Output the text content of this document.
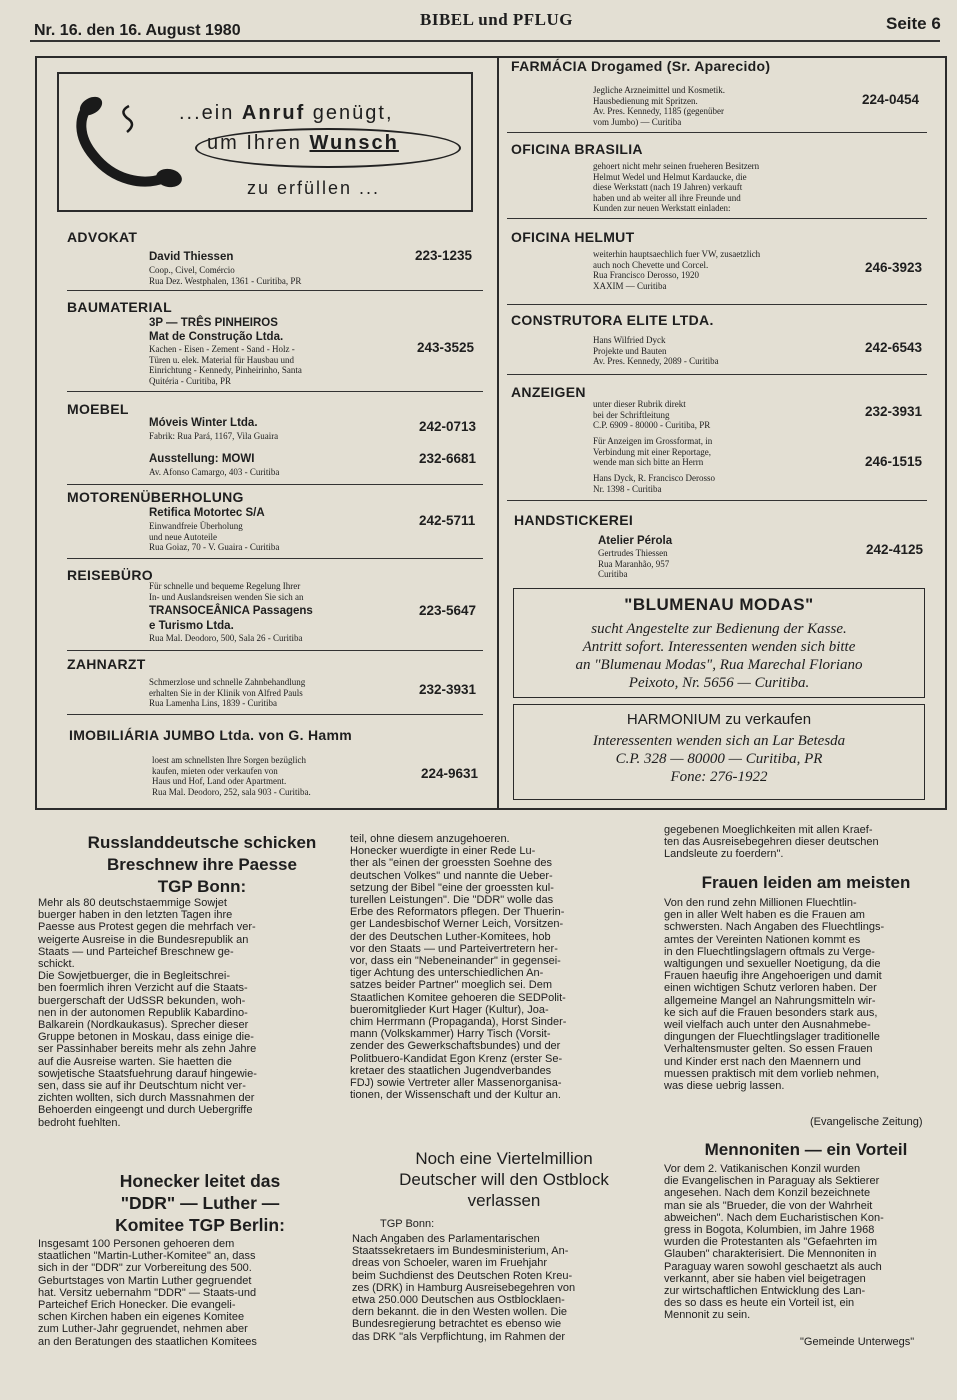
Nr. 16. den 16. August 1980
BIBEL und PFLUG	Seite 6
...ein Anruf genügt,
um Ihren Wunsch
zu erfüllen ...
ADVOKAT
David Thiessen
Coop., Civel, Comércio
Rua Dez. Westphalen, 1361 - Curitiba, PR
223-1235
BAUMATERIAL
3P — TRÊS PINHEIROS
Mat de Construção Ltda.
Kachen - Eisen - Zement - Sand - Holz -
Türen u. elek. Material für Hausbau und
Einrichtung - Kennedy, Pinheirinho, Santa
Quitéria - Curitiba, PR
243-3525
MOEBEL
Móveis Winter Ltda.
Fabrik: Rua Pará, 1167, Vila Guaira
242-0713
Ausstellung: MOWI
Av. Afonso Camargo, 403 - Curitiba
232-6681
MOTORENÜBERHOLUNG
Retifica Motortec S/A
Einwandfreie Überholung
und neue Autoteile
Rua Goiaz, 70 - V. Guaira - Curitiba
242-5711
REISEBÜRO
Für schnelle und bequeme Regelung Ihrer
In- und Auslandsreisen wenden Sie sich an
TRANSOCEÂNICA Passagens
e Turismo Ltda.
Rua Mal. Deodoro, 500, Sala 26 - Curitiba
223-5647
ZAHNARZT
Schmerzlose und schnelle Zahnbehandlung
erhalten Sie in der Klinik von Alfred Pauls
Rua Lamenha Lins, 1839 - Curitiba
232-3931
IMOBILIÁRIA JUMBO Ltda. von G. Hamm
loest am schnellsten Ihre Sorgen bezüglich
kaufen, mieten oder verkaufen von
Haus und Hof, Land oder Apartment.
Rua Mal. Deodoro, 252, sala 903 - Curitiba.
224-9631
FARMÁCIA Drogamed (Sr. Aparecido)
Jegliche Arzneimittel und Kosmetik.
Hausbedienung mit Spritzen.
Av. Pres. Kennedy, 1185 (gegenüber
vom Jumbo) — Curitiba
224-0454
OFICINA BRASILIA
gehoert nicht mehr seinen frueheren Besitzern
Helmut Wedel und Helmut Kardaucke, die
diese Werkstatt (nach 19 Jahren) verkauft
haben und ab weiter all ihre Freunde und
Kunden zur neuen Werkstatt einladen:
OFICINA HELMUT
weiterhin hauptsaechlich fuer VW, zusaetzlich
auch noch Chevette und Corcel.
Rua Francisco Derosso, 1920
XAXIM — Curitiba
246-3923
CONSTRUTORA ELITE LTDA.
Hans Wilfried Dyck
Projekte und Bauten
Av. Pres. Kennedy, 2089 - Curitiba
242-6543
ANZEIGEN
unter dieser Rubrik direkt
bei der Schriftleitung
C.P. 6909 - 80000 - Curitiba, PR
232-3931
Für Anzeigen im Grossformat, in
Verbindung mit einer Reportage,
wende man sich bitte an Herrn
Hans Dyck, R. Francisco Derosso
Nr. 1398 - Curitiba
246-1515
HANDSTICKEREI
Atelier Pérola
Gertrudes Thiessen
Rua Maranhão, 957
Curitiba
242-4125
"BLUMENAU MODAS"
sucht Angestelte zur Bedienung der Kasse.
Antritt sofort. Interessenten wenden sich bitte
an "Blumenau Modas", Rua Marechal Floriano
Peixoto, Nr. 5656 — Curitiba.
HARMONIUM zu verkaufen
Interessenten wenden sich an Lar Betesda
C.P. 328 — 80000 — Curitiba, PR
Fone: 276-1922
Russlanddeutsche schicken
Breschnew ihre Paesse
TGP Bonn:
Mehr als 80 deutschstaemmige Sowjet
buerger haben in den letzten Tagen ihre
Paesse aus Protest gegen die mehrfach ver-
weigerte Ausreise in die Bundesrepublik an
Staats — und Parteichef Breschnew ge-
schickt.
Die Sowjetbuerger, die in Begleitschrei-
ben foermlich ihren Verzicht auf die Staats-
buergerschaft der UdSSR bekunden, woh-
nen in der autonomen Republik Kabardino-
Balkarein (Nordkaukasus). Sprecher dieser
Gruppe betonen in Moskau, dass einige die-
ser Passinhaber bereits mehr als zehn Jahre
auf die Ausreise warten. Sie haetten die
sowjetische Staatsfuehrung darauf hingewie-
sen, dass sie auf ihr Deutschtum nicht ver-
zichten wollten, sich durch Massnahmen der
Behoerden eingeengt und durch Uebergriffe
bedroht fuehlten.
Honecker leitet das
"DDR" — Luther —
Komitee TGP Berlin:
Insgesamt 100 Personen gehoeren dem
staatlichen "Martin-Luther-Komitee" an, dass
sich in der "DDR" zur Vorbereitung des 500.
Geburtstages von Martin Luther gegruendet
hat. Versitz uebernahm "DDR" — Staats-und
Parteichef Erich Honecker. Die evangeli-
schen Kirchen haben ein eigenes Komitee
zum Luther-Jahr gegruendet, nehmen aber
an den Beratungen des staatlichen Komitees
teil, ohne diesem anzugehoeren.
Honecker wuerdigte in einer Rede Lu-
ther als "einen der groessten Soehne des
deutschen Volkes" und nannte die Ueber-
setzung der Bibel "eine der groessten kul-
turellen Leistungen". Die "DDR" wolle das
Erbe des Reformators pflegen. Der Thuerin-
ger Landesbischof Werner Leich, Vorsitzen-
der des Deutschen Luther-Komitees, hob
vor den Staats — und Parteivertretern her-
vor, dass ein "Nebeneinander" in gegensei-
tiger Achtung des unterschiedlichen An-
satzes beider Partner" moeglich sei. Dem
Staatlichen Komitee gehoeren die SEDPolit-
bueromitglieder Kurt Hager (Kultur), Joa-
chim Herrmann (Propaganda), Horst Sinder-
mann (Volkskammer) Harry Tisch (Vorsit-
zender des Gewerkschaftsbundes) und der
Politbuero-Kandidat Egon Krenz (erster Se-
kretaer des staatlichen Jugendverbandes
FDJ) sowie Vertreter aller Massenorganisa-
tionen, der Wissenschaft und der Kultur an.
Noch eine Viertelmillion
Deutscher will den Ostblock
verlassen
TGP Bonn:
Nach Angaben des Parlamentarischen
Staatssekretaers im Bundesministerium, An-
dreas von Schoeler, waren im Fruehjahr
beim Suchdienst des Deutschen Roten Kreu-
zes (DRK) in Hamburg Ausreisebegehren von
etwa 250.000 Deutschen aus Ostblocklaen-
dern bekannt. die in den Westen wollen. Die
Bundesregierung betrachtet es ebenso wie
das DRK "als Verpflichtung, im Rahmen der
gegebenen Moeglichkeiten mit allen Kraef-
ten das Ausreisebegehren dieser deutschen
Landsleute zu foerdern".
Frauen leiden am meisten
Von den rund zehn Millionen Fluechtlin-
gen in aller Welt haben es die Frauen am
schwersten. Nach Angaben des Fluechtlings-
amtes der Vereinten Nationen kommt es
in den Fluechtlingslagern oftmals zu Verge-
waltigungen und sexueller Noetigung, da die
Frauen haeufig ihre Angehoerigen und damit
einen wichtigen Schutz verloren haben. Der
allgemeine Mangel an Nahrungsmitteln wir-
ke sich auf die Frauen besonders stark aus,
weil vielfach auch unter den Ausnahmebe-
dingungen der Fluechtlingslager traditionelle
Verhaltensmuster gelten. So essen Frauen
und Kinder erst nach den Maennern und
muessen praktisch mit dem vorlieb nehmen,
was diese uebrig lassen.
(Evangelische Zeitung)
Mennoniten — ein Vorteil
Vor dem 2. Vatikanischen Konzil wurden
die Evangelischen in Paraguay als Sektierer
angesehen. Nach dem Konzil bezeichnete
man sie als "Brueder, die von der Wahrheit
abweichen". Nach dem Eucharistischen Kon-
gress in Bogota, Kolumbien, im Jahre 1968
wurden die Protestanten als "Gefaehrten im
Glauben" charakterisiert. Die Mennoniten in
Paraguay waren sowohl geschaetzt als auch
verkannt, aber sie haben viel beigetragen
zur wirtschaftlichen Entwicklung des Lan-
des so dass es heute ein Vorteil ist, ein
Mennonit zu sein.
"Gemeinde Unterwegs"
